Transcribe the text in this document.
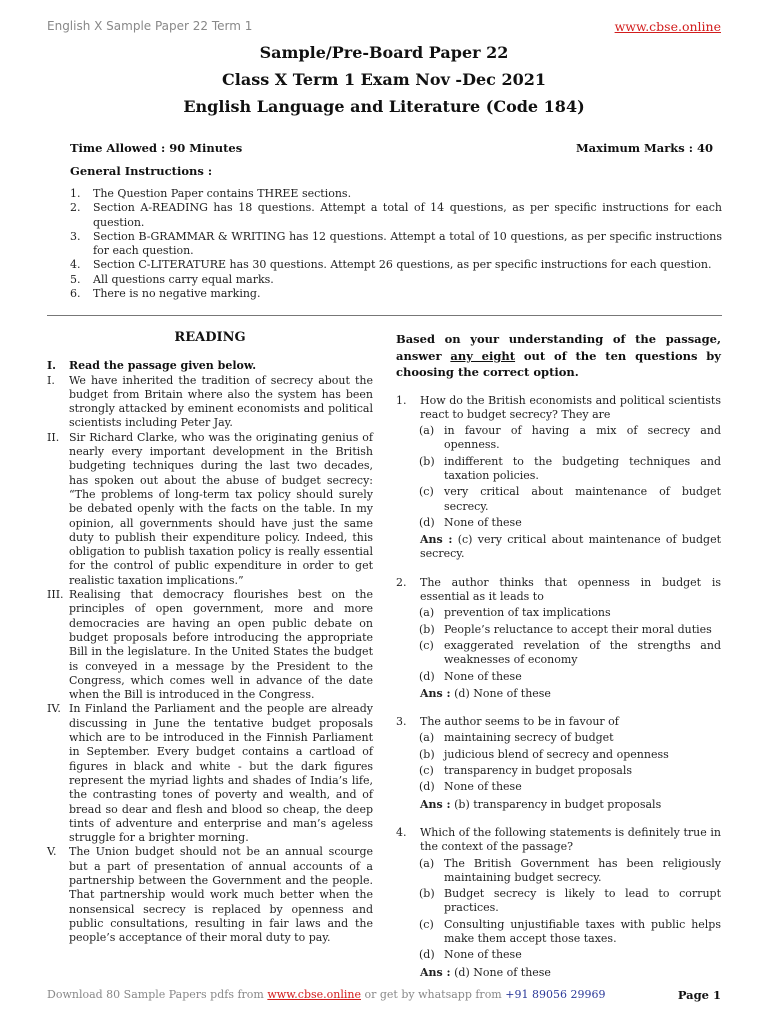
English X Sample Paper 22 Term 1	www.cbse.online
Sample/Pre-Board Paper 22
Class X Term 1 Exam Nov -Dec 2021
English Language and Literature (Code 184)
Time Allowed : 90 Minutes	Maximum Marks : 40
General Instructions :
1. The Question Paper contains THREE sections.
2. Section A-READING has 18 questions. Attempt a total of 14 questions, as per specific instructions for each question.
3. Section B-GRAMMAR & WRITING has 12 questions. Attempt a total of 10 questions, as per specific instructions for each question.
4. Section C-LITERATURE has 30 questions. Attempt 26 questions, as per specific instructions for each question.
5. All questions carry equal marks.
6. There is no negative marking.
READING
I. Read the passage given below.
I. We have inherited the tradition of secrecy about the budget from Britain where also the system has been strongly attacked by eminent economists and political scientists including Peter Jay.
II. Sir Richard Clarke, who was the originating genius of nearly every important development in the British budgeting techniques during the last two decades, has spoken out about the abuse of budget secrecy: “The problems of long-term tax policy should surely be debated openly with the facts on the table. In my opinion, all governments should have just the same duty to publish their expenditure policy. Indeed, this obligation to publish taxation policy is really essential for the control of public expenditure in order to get realistic taxation implications.”
III. Realising that democracy flourishes best on the principles of open government, more and more democracies are having an open public debate on budget proposals before introducing the appropriate Bill in the legislature. In the United States the budget is conveyed in a message by the President to the Congress, which comes well in advance of the date when the Bill is introduced in the Congress.
IV. In Finland the Parliament and the people are already discussing in June the tentative budget proposals which are to be introduced in the Finnish Parliament in September. Every budget contains a cartload of figures in black and white - but the dark figures represent the myriad lights and shades of India’s life, the contrasting tones of poverty and wealth, and of bread so dear and flesh and blood so cheap, the deep tints of adventure and enterprise and man’s ageless struggle for a brighter morning.
V. The Union budget should not be an annual scourge but a part of presentation of annual accounts of a partnership between the Government and the people. That partnership would work much better when the nonsensical secrecy is replaced by openness and public consultations, resulting in fair laws and the people’s acceptance of their moral duty to pay.
Based on your understanding of the passage, answer any eight out of the ten questions by choosing the correct option.
1. How do the British economists and political scientists react to budget secrecy? They are
(a) in favour of having a mix of secrecy and openness.
(b) indifferent to the budgeting techniques and taxation policies.
(c) very critical about maintenance of budget secrecy.
(d) None of these
Ans : (c) very critical about maintenance of budget secrecy.
2. The author thinks that openness in budget is essential as it leads to
(a) prevention of tax implications
(b) People’s reluctance to accept their moral duties
(c) exaggerated revelation of the strengths and weaknesses of economy
(d) None of these
Ans : (d) None of these
3. The author seems to be in favour of
(a) maintaining secrecy of budget
(b) judicious blend of secrecy and openness
(c) transparency in budget proposals
(d) None of these
Ans : (b) transparency in budget proposals
4. Which of the following statements is definitely true in the context of the passage?
(a) The British Government has been religiously maintaining budget secrecy.
(b) Budget secrecy is likely to lead to corrupt practices.
(c) Consulting unjustifiable taxes with public helps make them accept those taxes.
(d) None of these
Ans : (d) None of these
Download 80 Sample Papers pdfs from www.cbse.online or get by whatsapp from +91 89056 29969	Page 1
